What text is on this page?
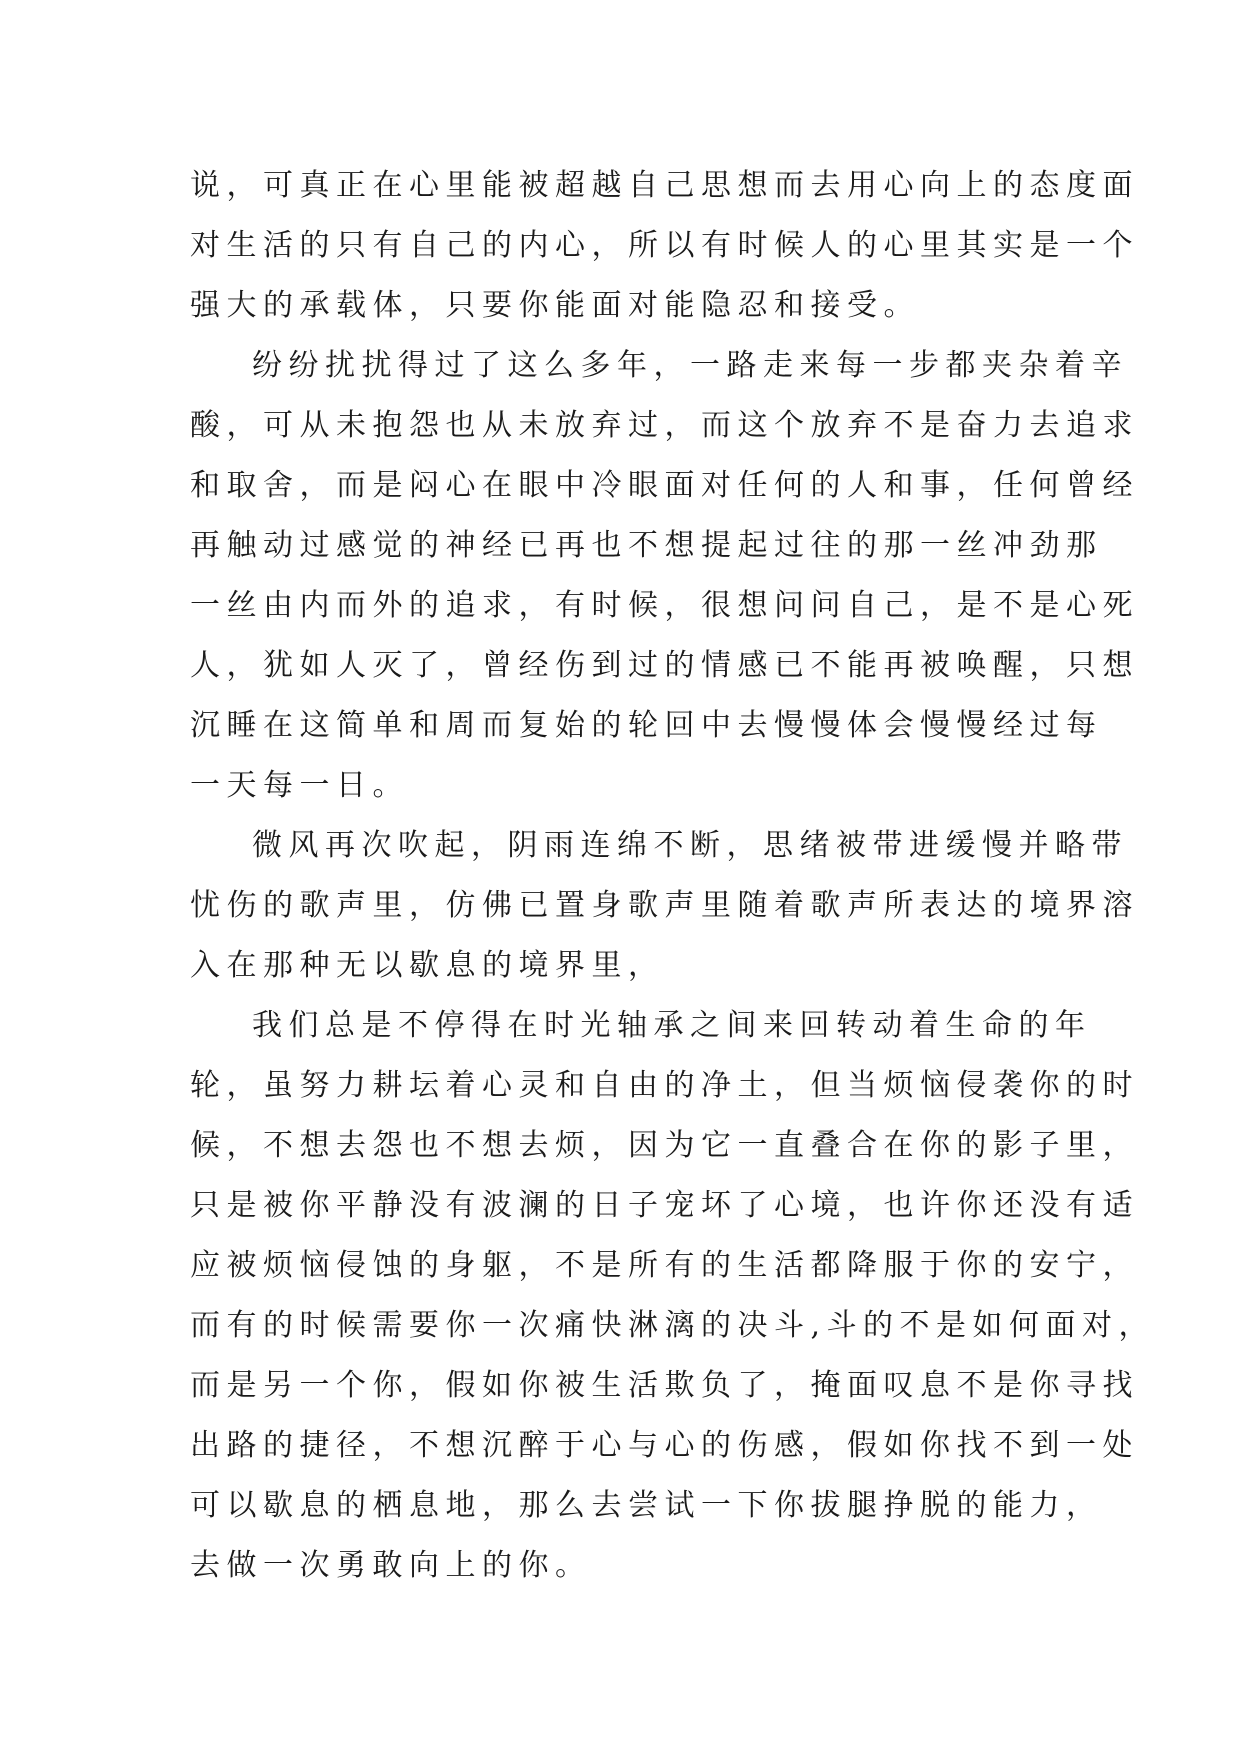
说，可真正在心里能被超越自己思想而去用心向上的态度面
对生活的只有自己的内心，所以有时候人的心里其实是一个
强大的承载体，只要你能面对能隐忍和接受。
纷纷扰扰得过了这么多年，一路走来每一步都夹杂着辛
酸，可从未抱怨也从未放弃过，而这个放弃不是奋力去追求
和取舍，而是闷心在眼中冷眼面对任何的人和事，任何曾经
再触动过感觉的神经已再也不想提起过往的那一丝冲劲那
一丝由内而外的追求，有时候，很想问问自己，是不是心死
人，犹如人灭了，曾经伤到过的情感已不能再被唤醒，只想
沉睡在这简单和周而复始的轮回中去慢慢体会慢慢经过每
一天每一日。
微风再次吹起，阴雨连绵不断，思绪被带进缓慢并略带
忧伤的歌声里，仿佛已置身歌声里随着歌声所表达的境界溶
入在那种无以歇息的境界里，
我们总是不停得在时光轴承之间来回转动着生命的年
轮，虽努力耕坛着心灵和自由的净土，但当烦恼侵袭你的时
候，不想去怨也不想去烦，因为它一直叠合在你的影子里，
只是被你平静没有波澜的日子宠坏了心境，也许你还没有适
应被烦恼侵蚀的身躯，不是所有的生活都降服于你的安宁，
而有的时候需要你一次痛快淋漓的决斗,斗的不是如何面对，
而是另一个你，假如你被生活欺负了，掩面叹息不是你寻找
出路的捷径，不想沉醉于心与心的伤感，假如你找不到一处
可以歇息的栖息地，那么去尝试一下你拔腿挣脱的能力，
去做一次勇敢向上的你。
